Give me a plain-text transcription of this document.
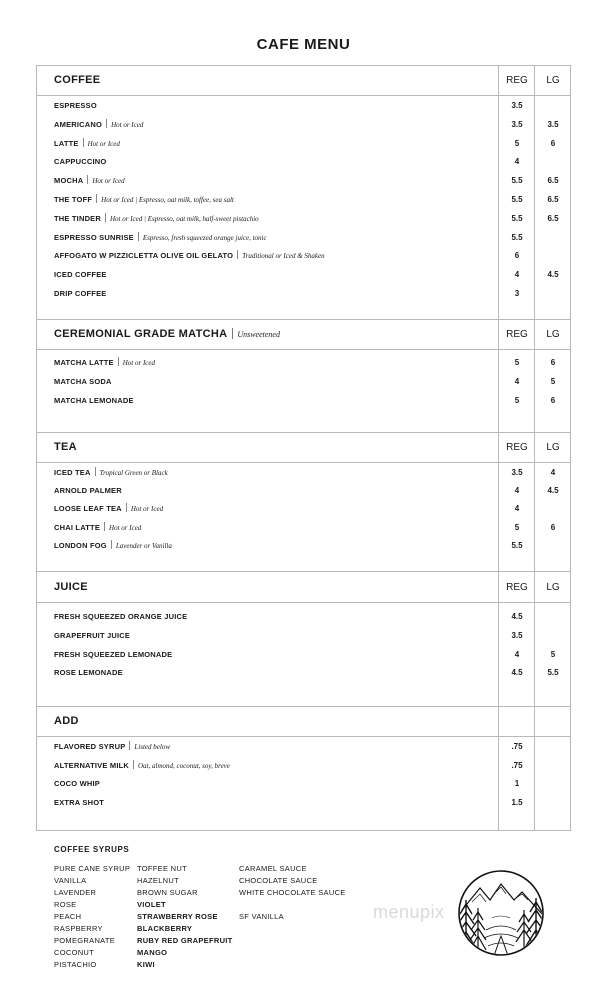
CAFE MENU
COFFEE	REG	LG
ESPRESSO	3.5
AMERICANO Hot or Iced	3.5	3.5
LATTE Hot or Iced	5	6
CAPPUCCINO	4
MOCHA Hot or Iced	5.5	6.5
THE TOFF Hot or Iced | Espresso, oat milk, toffee, sea salt	5.5	6.5
THE TINDER Hot or Iced | Espresso, oat milk, half-sweet pistachio	5.5	6.5
ESPRESSO SUNRISE Espresso, fresh squeezed orange juice, tonic	5.5
AFFOGATO W PIZZICLETTA OLIVE OIL GELATO Traditional or Iced & Shaken	6
ICED COFFEE	4	4.5
DRIP COFFEE	3
CEREMONIAL GRADE MATCHA Unsweetened	REG	LG
MATCHA LATTE Hot or Iced	5	6
MATCHA SODA	4	5
MATCHA LEMONADE	5	6
TEA	REG	LG
ICED TEA Tropical Green or Black	3.5	4
ARNOLD PALMER	4	4.5
LOOSE LEAF TEA Hot or Iced	4
CHAI LATTE Hot or Iced	5	6
LONDON FOG Lavender or Vanilla	5.5
JUICE	REG	LG
FRESH SQUEEZED ORANGE JUICE	4.5
GRAPEFRUIT JUICE	3.5
FRESH SQUEEZED LEMONADE	4	5
ROSE LEMONADE	4.5	5.5
ADD
FLAVORED SYRUP Listed below	.75
ALTERNATIVE MILK Oat, almond, coconut, soy, breve	.75
COCO WHIP	1
EXTRA SHOT	1.5
COFFEE SYRUPS
PURE CANE SYRUP
VANILLA
LAVENDER
ROSE
PEACH
RASPBERRY
POMEGRANATE
COCONUT
PISTACHIO
TOFFEE NUT
HAZELNUT
BROWN SUGAR
VIOLET
STRAWBERRY ROSE
BLACKBERRY
RUBY RED GRAPEFRUIT
MANGO
KIWI
CARAMEL SAUCE
CHOCOLATE SAUCE
WHITE CHOCOLATE SAUCE
SF VANILLA	menupix
